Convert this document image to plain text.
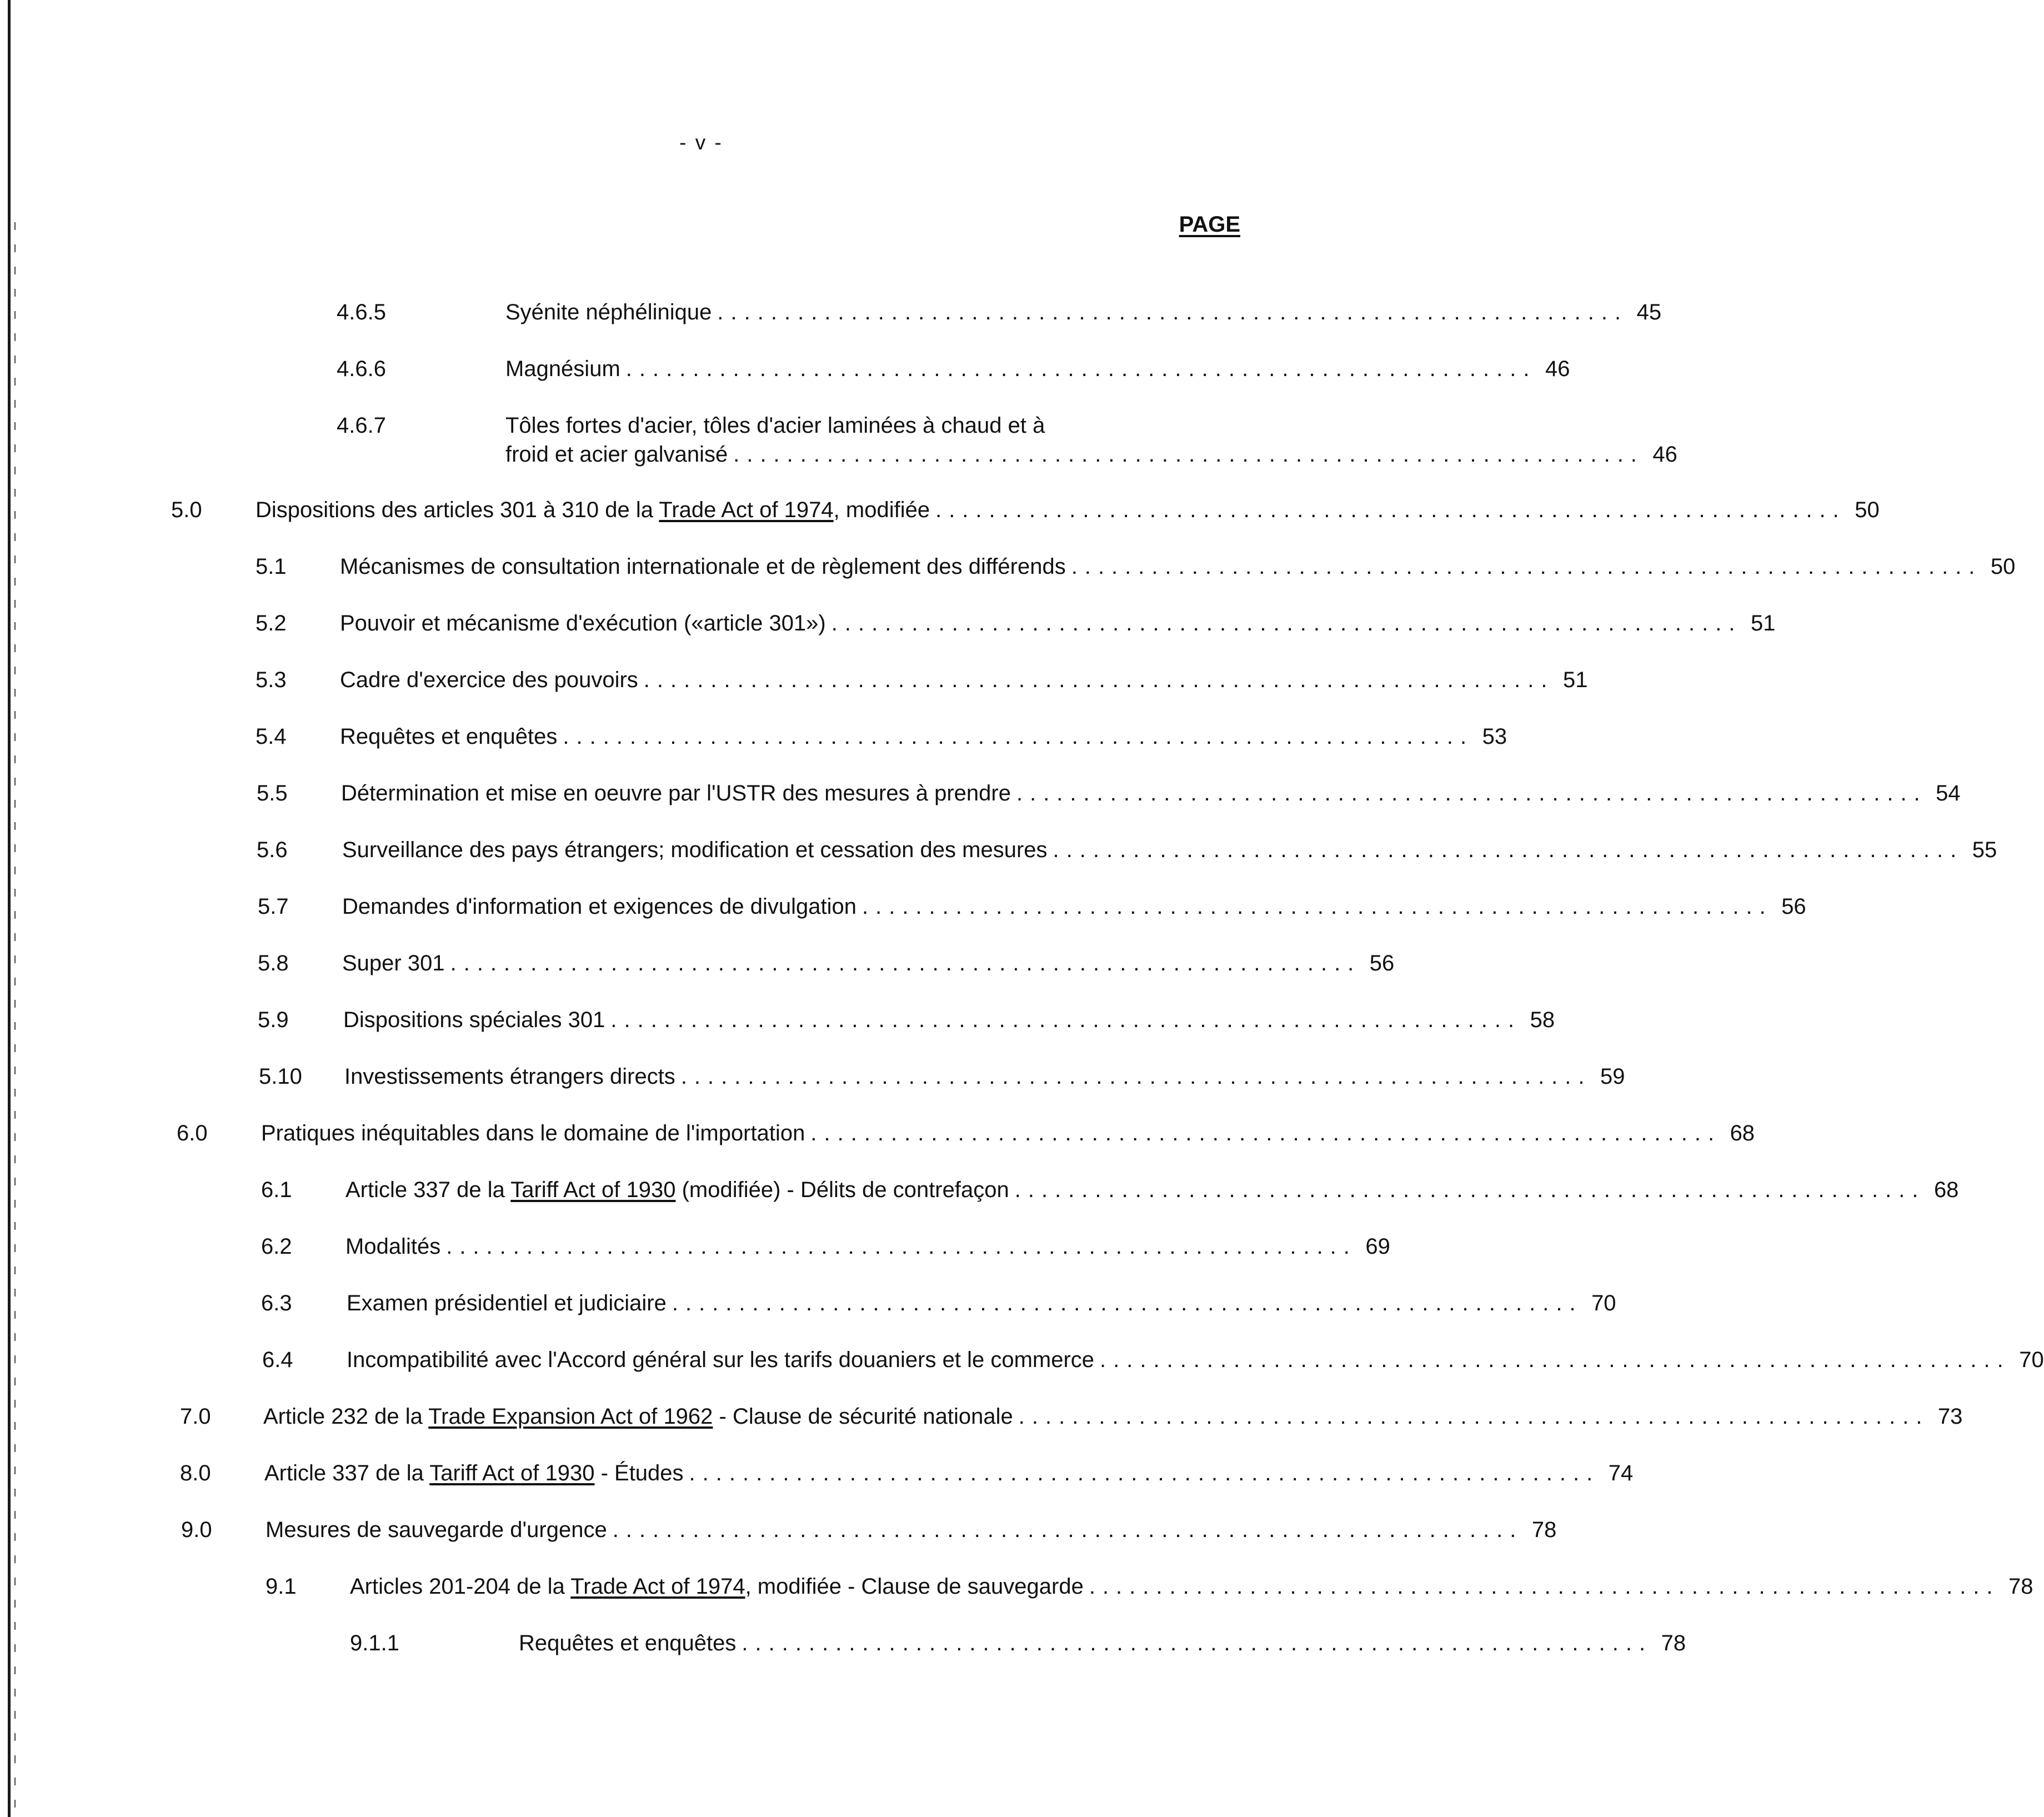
- v -
PAGE
4.6.5	Syénite néphélinique .................................................................... 45
4.6.6	Magnésium .................................................................... 46
4.6.7	Tôles fortes d'acier, tôles d'acier laminées à chaud et à
froid et acier galvanisé .................................................................... 46
5.0 Dispositions des articles 301 à 310 de la Trade Act of 1974, modifiée .................................................................... 50
5.1 Mécanismes de consultation internationale et de règlement des différends .................................................................... 50
5.2 Pouvoir et mécanisme d'exécution («article 301») .................................................................... 51
5.3 Cadre d'exercice des pouvoirs .................................................................... 51
5.4 Requêtes et enquêtes .................................................................... 53
5.5 Détermination et mise en oeuvre par l'USTR des mesures à prendre .................................................................... 54
5.6 Surveillance des pays étrangers; modification et cessation des mesures .................................................................... 55
5.7 Demandes d'information et exigences de divulgation .................................................................... 56
5.8 Super 301 .................................................................... 56
5.9 Dispositions spéciales 301 .................................................................... 58
5.10 Investissements étrangers directs .................................................................... 59
6.0 Pratiques inéquitables dans le domaine de l'importation .................................................................... 68
6.1 Article 337 de la Tariff Act of 1930 (modifiée) - Délits de contrefaçon .................................................................... 68
6.2 Modalités .................................................................... 69
6.3 Examen présidentiel et judiciaire .................................................................... 70
6.4 Incompatibilité avec l'Accord général sur les tarifs douaniers et le commerce .................................................................... 70
7.0 Article 232 de la Trade Expansion Act of 1962 - Clause de sécurité nationale .................................................................... 73
8.0 Article 337 de la Tariff Act of 1930 - Études .................................................................... 74
9.0 Mesures de sauvegarde d'urgence .................................................................... 78
9.1 Articles 201-204 de la Trade Act of 1974, modifiée - Clause de sauvegarde .................................................................... 78
9.1.1	Requêtes et enquêtes .................................................................... 78
